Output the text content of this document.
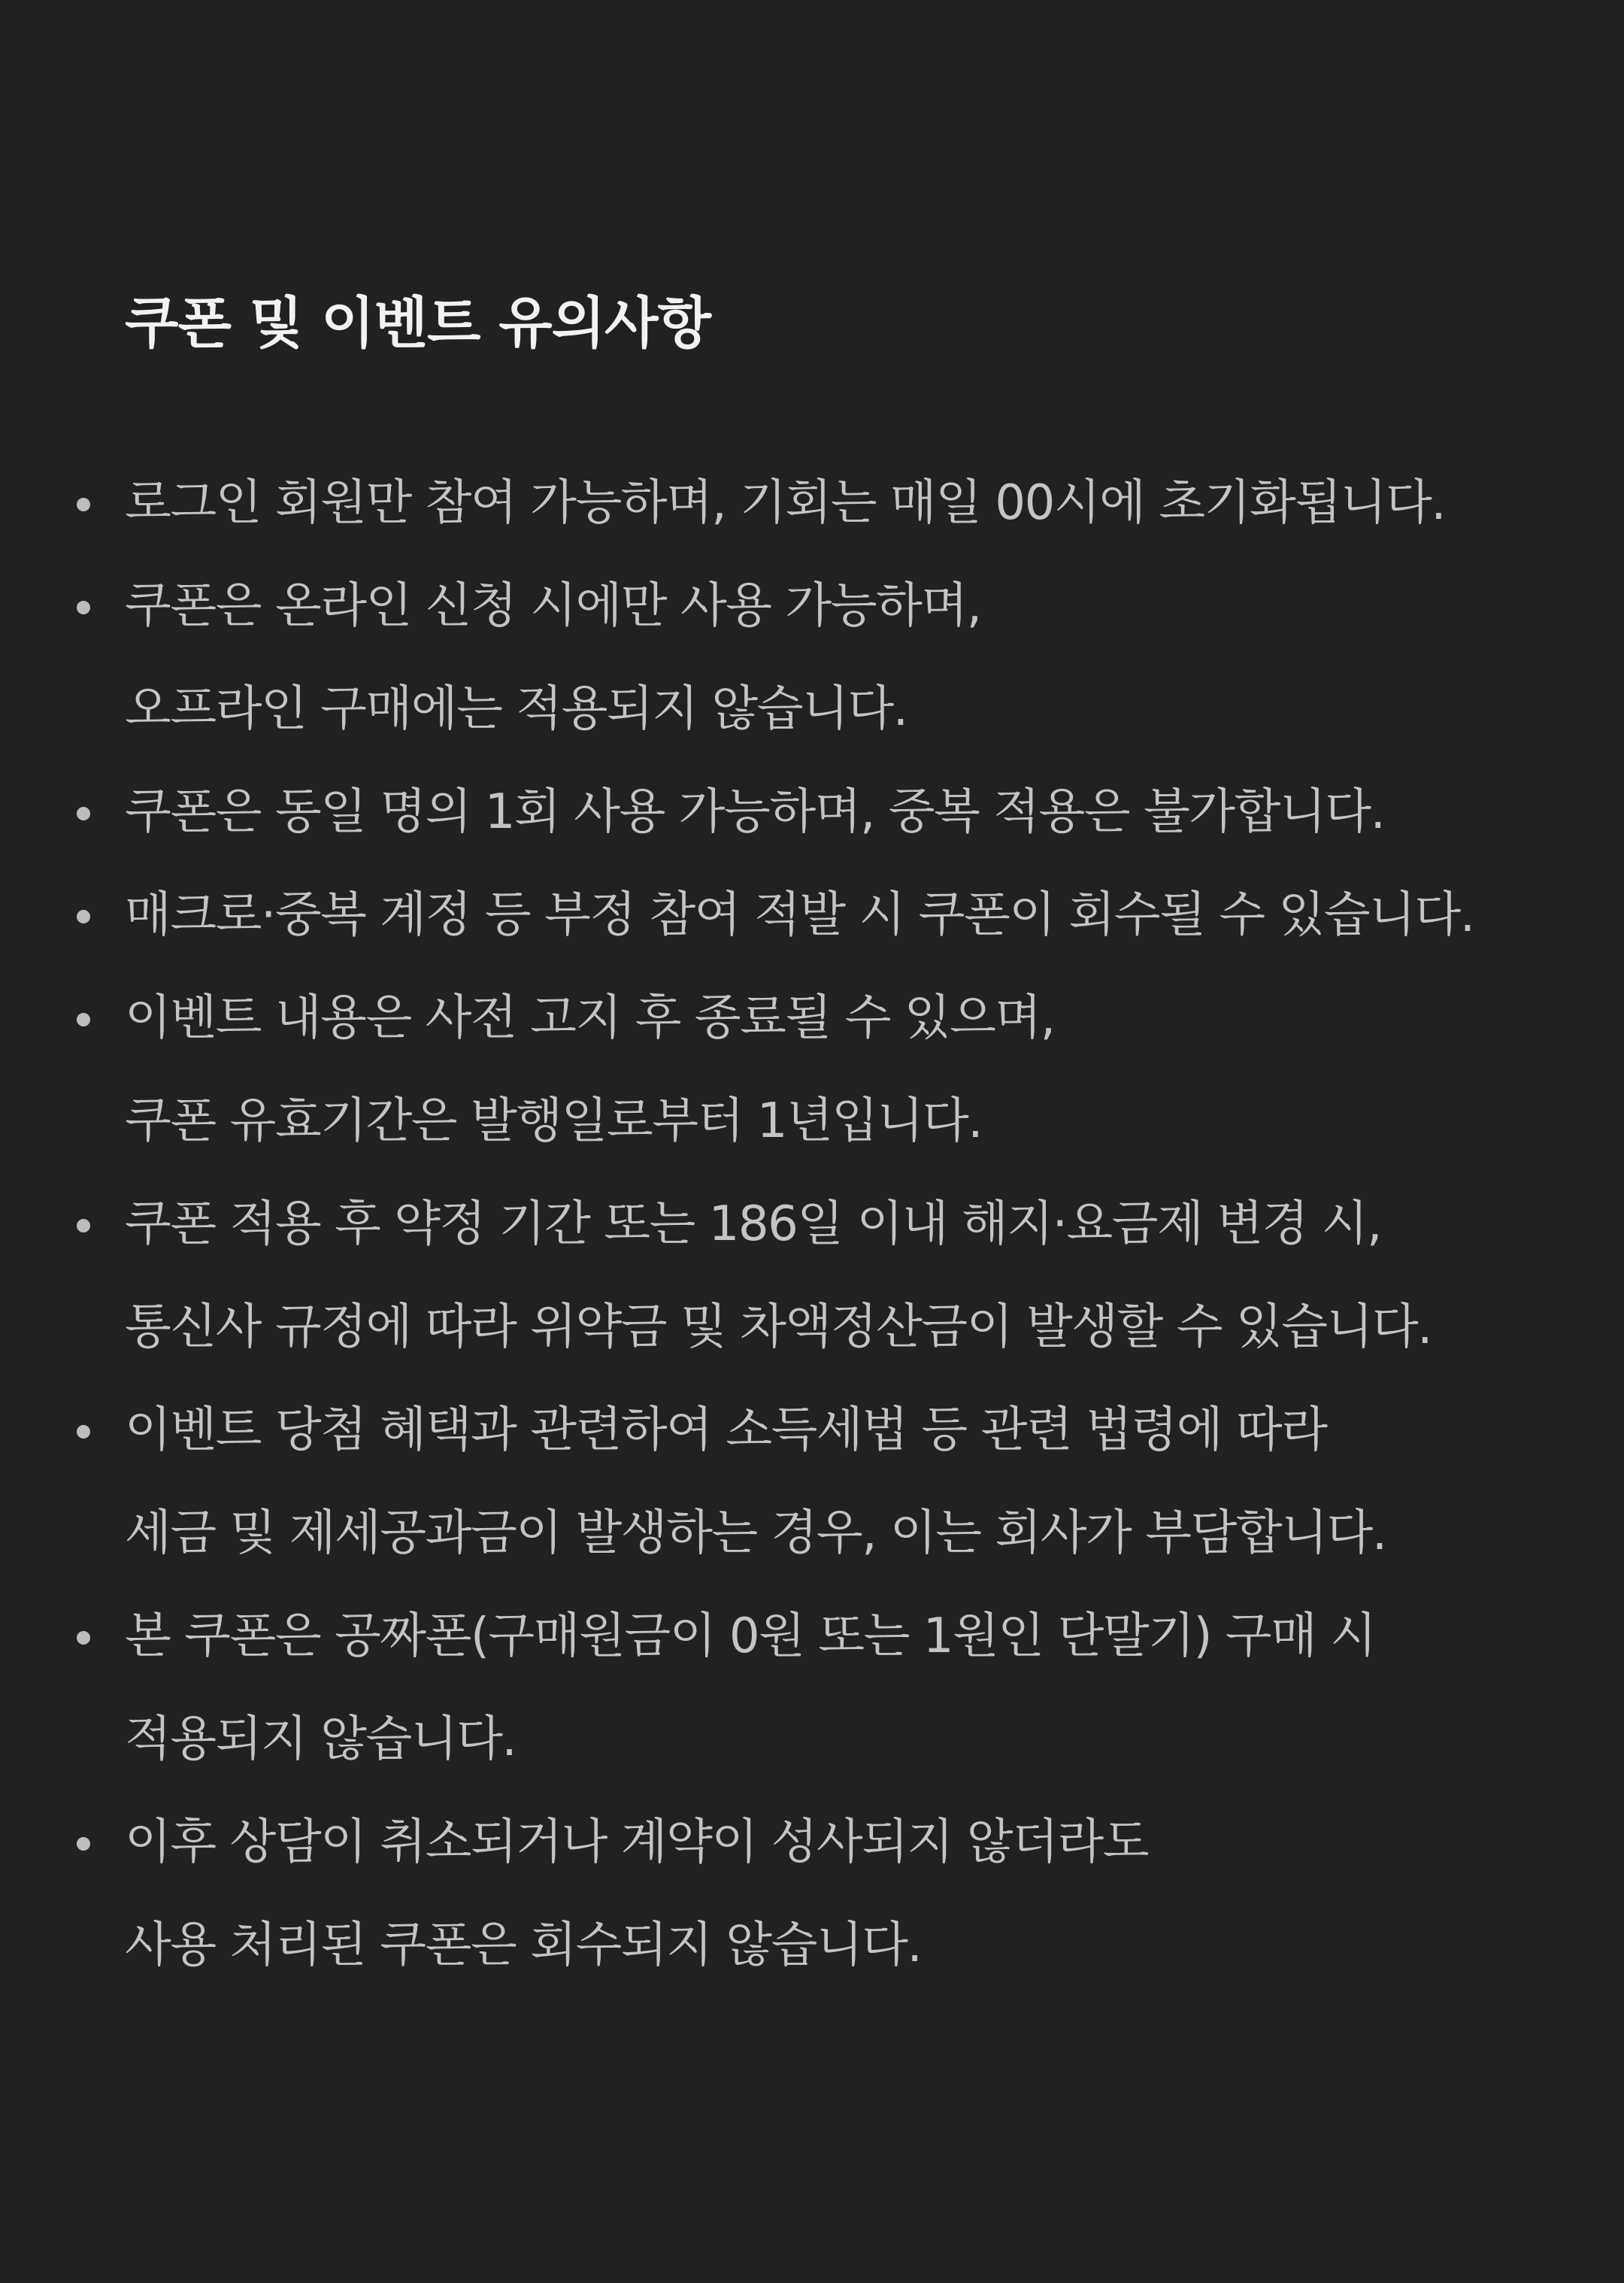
쿠폰 및 이벤트 유의사항
로그인 회원만 참여 가능하며, 기회는 매일 00시에 초기화됩니다.
쿠폰은 온라인 신청 시에만 사용 가능하며,
오프라인 구매에는 적용되지 않습니다.
쿠폰은 동일 명의 1회 사용 가능하며, 중복 적용은 불가합니다.
매크로·중복 계정 등 부정 참여 적발 시 쿠폰이 회수될 수 있습니다.
이벤트 내용은 사전 고지 후 종료될 수 있으며,
쿠폰 유효기간은 발행일로부터 1년입니다.
쿠폰 적용 후 약정 기간 또는 186일 이내 해지·요금제 변경 시,
통신사 규정에 따라 위약금 및 차액정산금이 발생할 수 있습니다.
이벤트 당첨 혜택과 관련하여 소득세법 등 관련 법령에 따라
세금 및 제세공과금이 발생하는 경우, 이는 회사가 부담합니다.
본 쿠폰은 공짜폰(구매원금이 0원 또는 1원인 단말기) 구매 시
적용되지 않습니다.
이후 상담이 취소되거나 계약이 성사되지 않더라도
사용 처리된 쿠폰은 회수되지 않습니다.
